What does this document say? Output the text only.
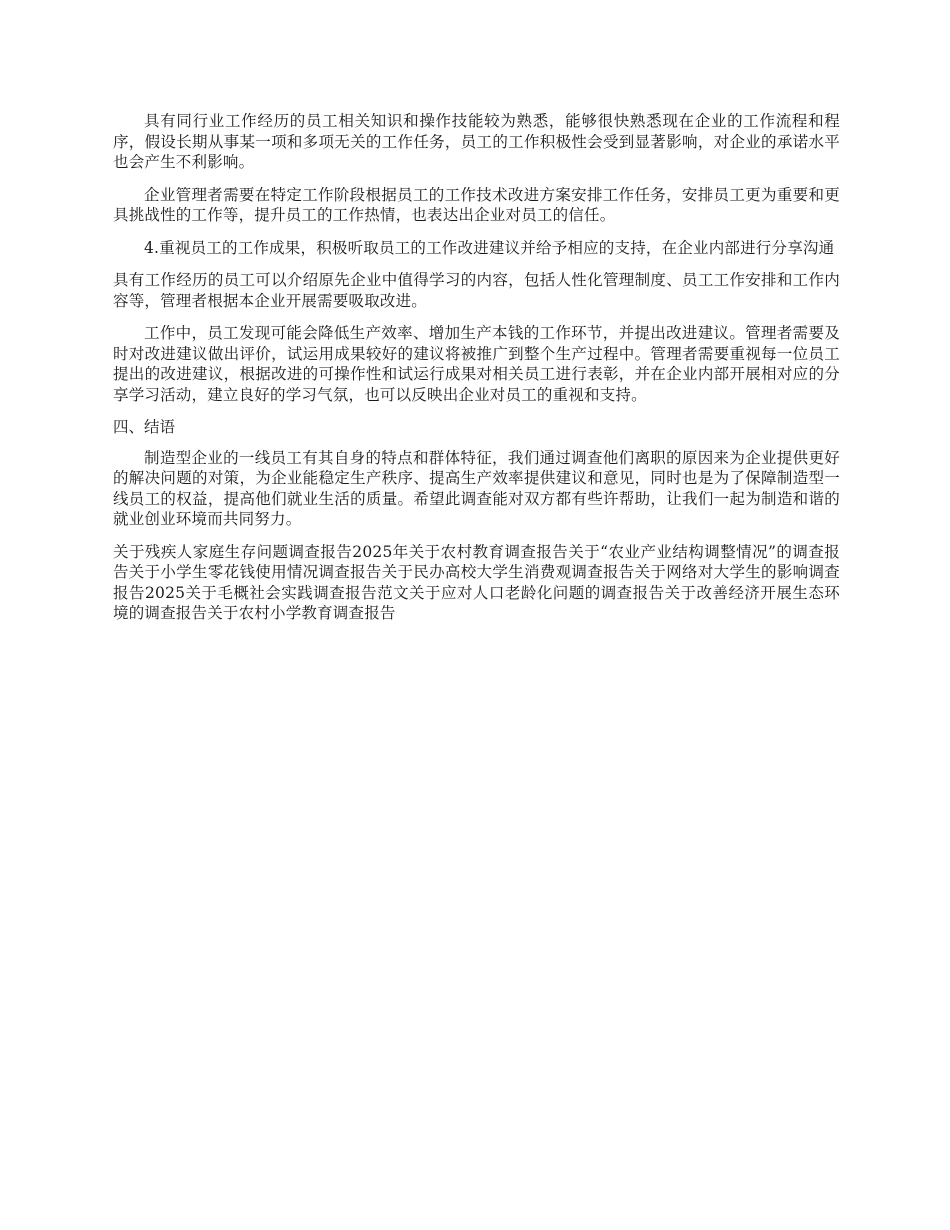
具有同行业工作经历的员工相关知识和操作技能较为熟悉，能够很快熟悉现在企业的工作流程和程序，假设长期从事某一项和多项无关的工作任务，员工的工作积极性会受到显著影响，对企业的承诺水平也会产生不利影响。

企业管理者需要在特定工作阶段根据员工的工作技术改进方案安排工作任务，安排员工更为重要和更具挑战性的工作等，提升员工的工作热情，也表达出企业对员工的信任。

4.重视员工的工作成果，积极听取员工的工作改进建议并给予相应的支持，在企业内部进行分享沟通

具有工作经历的员工可以介绍原先企业中值得学习的内容，包括人性化管理制度、员工工作安排和工作内容等，管理者根据本企业开展需要吸取改进。

工作中，员工发现可能会降低生产效率、增加生产本钱的工作环节，并提出改进建议。管理者需要及时对改进建议做出评价，试运用成果较好的建议将被推广到整个生产过程中。管理者需要重视每一位员工提出的改进建议，根据改进的可操作性和试运行成果对相关员工进行表彰，并在企业内部开展相对应的分享学习活动，建立良好的学习气氛，也可以反映出企业对员工的重视和支持。

四、结语

制造型企业的一线员工有其自身的特点和群体特征，我们通过调查他们离职的原因来为企业提供更好的解决问题的对策，为企业能稳定生产秩序、提高生产效率提供建议和意见，同时也是为了保障制造型一线员工的权益，提高他们就业生活的质量。希望此调查能对双方都有些许帮助，让我们一起为制造和谐的就业创业环境而共同努力。

关于残疾人家庭生存问题调查报告2025年关于农村教育调查报告关于“农业产业结构调整情况”的调查报告关于小学生零花钱使用情况调查报告关于民办高校大学生消费观调查报告关于网络对大学生的影响调查报告2025关于毛概社会实践调查报告范文关于应对人口老龄化问题的调查报告关于改善经济开展生态环境的调查报告关于农村小学教育调查报告
